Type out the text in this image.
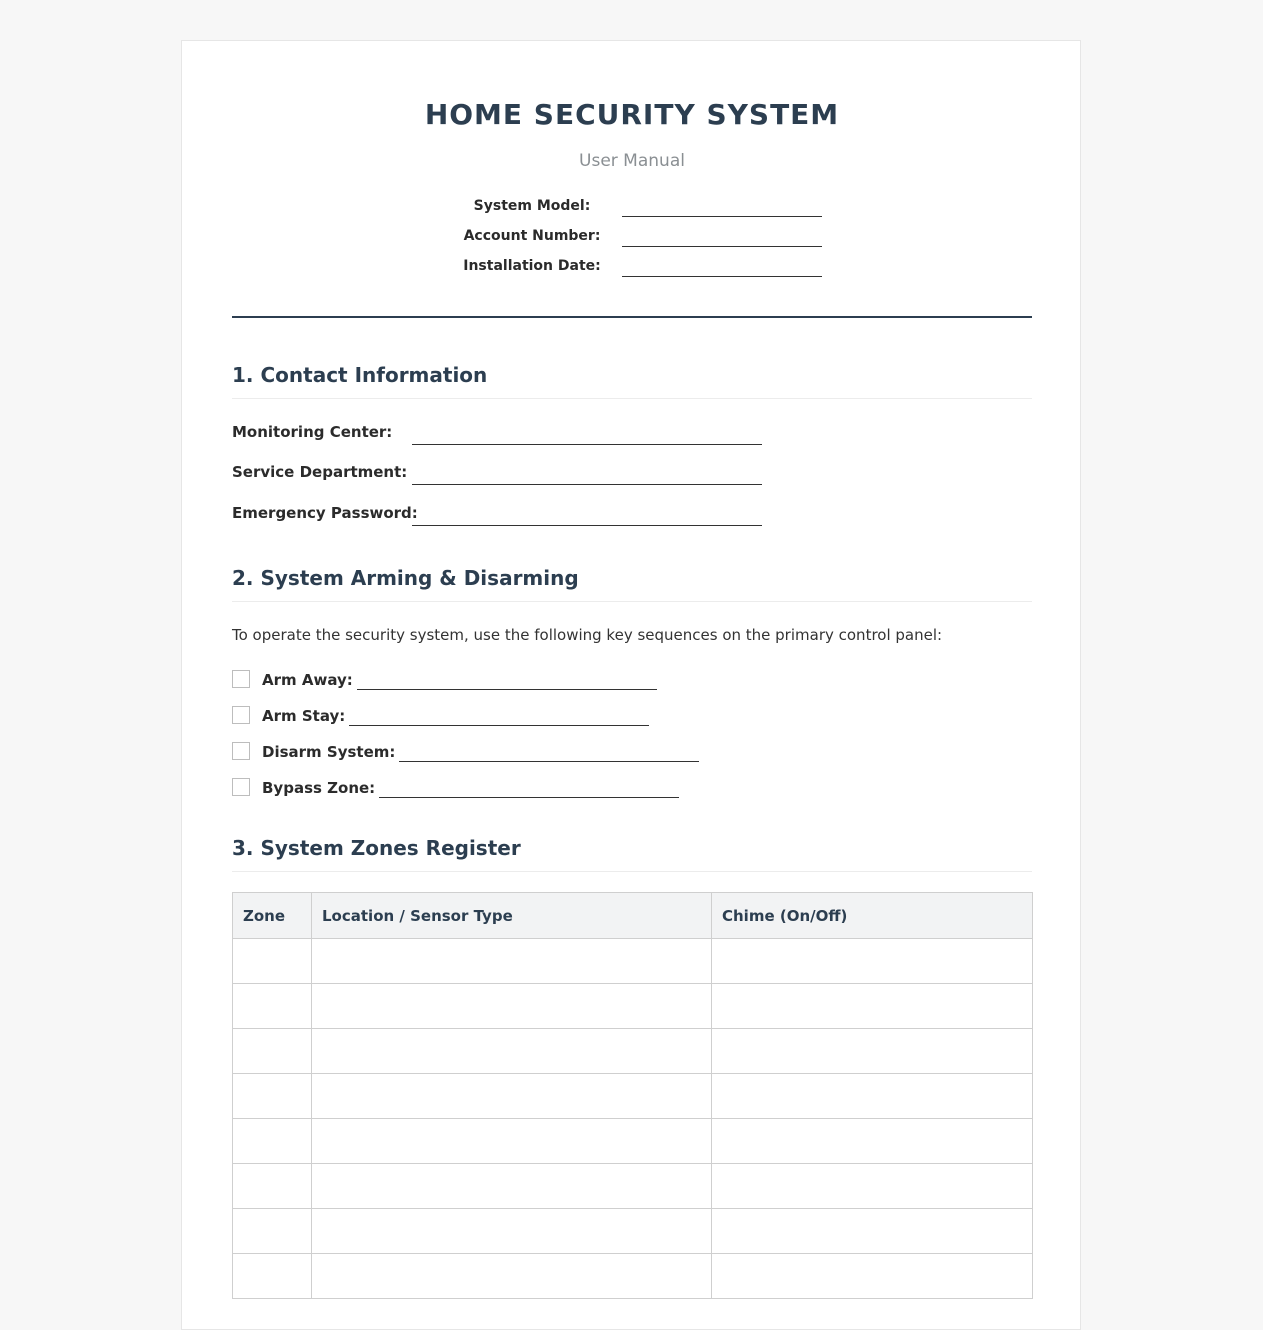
HOME SECURITY SYSTEM
User Manual
System Model:
Account Number:
Installation Date:
1. Contact Information
Monitoring Center:
Service Department:
Emergency Password:
2. System Arming & Disarming
To operate the security system, use the following key sequences on the primary control panel:
Arm Away:
Arm Stay:
Disarm System:
Bypass Zone:
3. System Zones Register
Zone	Location / Sensor Type	Chime (On/Off)
